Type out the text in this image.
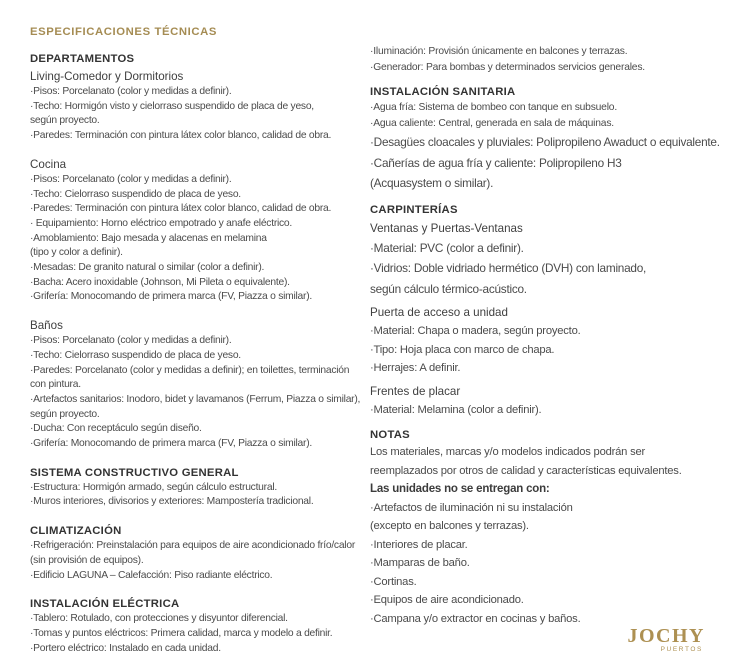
ESPECIFICACIONES TÉCNICAS
DEPARTAMENTOS
Living-Comedor y Dormitorios
·Pisos: Porcelanato (color y medidas a definir).
·Techo: Hormigón visto y cielorraso suspendido de placa de yeso,
según proyecto.
·Paredes: Terminación con pintura látex color blanco, calidad de obra.
Cocina
·Pisos: Porcelanato (color y medidas a definir).
·Techo: Cielorraso suspendido de placa de yeso.
·Paredes: Terminación con pintura látex color blanco, calidad de obra.
· Equipamiento: Horno eléctrico empotrado y anafe eléctrico.
·Amoblamiento: Bajo mesada y alacenas en melamina
(tipo y color a definir).
·Mesadas: De granito natural o similar (color a definir).
·Bacha: Acero inoxidable (Johnson, Mi Pileta o equivalente).
·Grifería: Monocomando de primera marca (FV, Piazza o similar).
Baños
·Pisos: Porcelanato (color y medidas a definir).
·Techo: Cielorraso suspendido de placa de yeso.
·Paredes: Porcelanato (color y medidas a definir); en toilettes, terminación
con pintura.
·Artefactos sanitarios: Inodoro, bidet y lavamanos (Ferrum, Piazza o similar),
según proyecto.
·Ducha: Con receptáculo según diseño.
·Grifería: Monocomando de primera marca (FV, Piazza o similar).
SISTEMA CONSTRUCTIVO GENERAL
·Estructura: Hormigón armado, según cálculo estructural.
·Muros interiores, divisorios y exteriores: Mampostería tradicional.
CLIMATIZACIÓN
·Refrigeración: Preinstalación para equipos de aire acondicionado frío/calor
(sin provisión de equipos).
·Edificio LAGUNA – Calefacción: Piso radiante eléctrico.
INSTALACIÓN ELÉCTRICA
·Tablero: Rotulado, con protecciones y disyuntor diferencial.
·Tomas y puntos eléctricos: Primera calidad, marca y modelo a definir.
·Portero eléctrico: Instalado en cada unidad.
·Iluminación: Provisión únicamente en balcones y terrazas.
·Generador: Para bombas y determinados servicios generales.
INSTALACIÓN SANITARIA
·Agua fría: Sistema de bombeo con tanque en subsuelo.
·Agua caliente: Central, generada en sala de máquinas.
·Desagües cloacales y pluviales: Polipropileno Awaduct o equivalente.
·Cañerías de agua fría y caliente: Polipropileno H3
(Acquasystem o similar).
CARPINTERÍAS
Ventanas y Puertas-Ventanas
·Material: PVC (color a definir).
·Vidrios: Doble vidriado hermético (DVH) con laminado,
según cálculo térmico-acústico.
Puerta de acceso a unidad
·Material: Chapa o madera, según proyecto.
·Tipo: Hoja placa con marco de chapa.
·Herrajes: A definir.
Frentes de placar
·Material: Melamina (color a definir).
NOTAS
Los materiales, marcas y/o modelos indicados podrán ser
reemplazados por otros de calidad y características equivalentes.
Las unidades no se entregan con:
·Artefactos de iluminación ni su instalación
(excepto en balcones y terrazas).
·Interiores de placar.
·Mamparas de baño.
·Cortinas.
·Equipos de aire acondicionado.
·Campana y/o extractor en cocinas y baños.
JOCHY
PUERTOS
